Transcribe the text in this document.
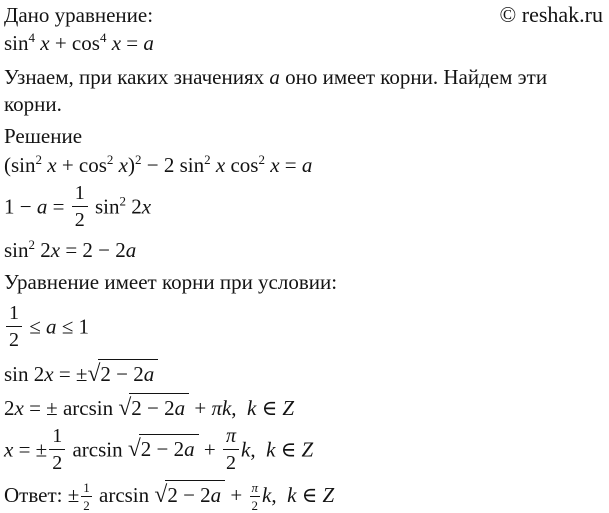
Дано уравнение:	© reshak.ru
$\sin^4 x + \cos^4 x = a$
Узнаем, при каких значениях a оно имеет корни. Найдем эти корни.
Решение
($\sin^2$ $x + \cos^2 x)^2 - 2$ $\sin^2 x$ $\cos^2 x = a$
$1 - a = \frac{1}{2} \sin^2 2x$
$\sin^2 2x = 2 - 2a$
Уравнение имеет корни при условии:
$\frac{1}{2} \le a \le 1$
sin 2x = ±√2 − 2a
2x = ± arcsin √2 − 2a + πk,  k ∈ Z
x = ± $\frac{1}{2}$ $\arcsin √2 - 2a + \frac{\pi}{2} k$,  k ∈ Z
Ответ: ± $\frac{1}{2}$ $\arcsin √2 - 2a + \frac{\pi}{2} k$,  k ∈ Z
